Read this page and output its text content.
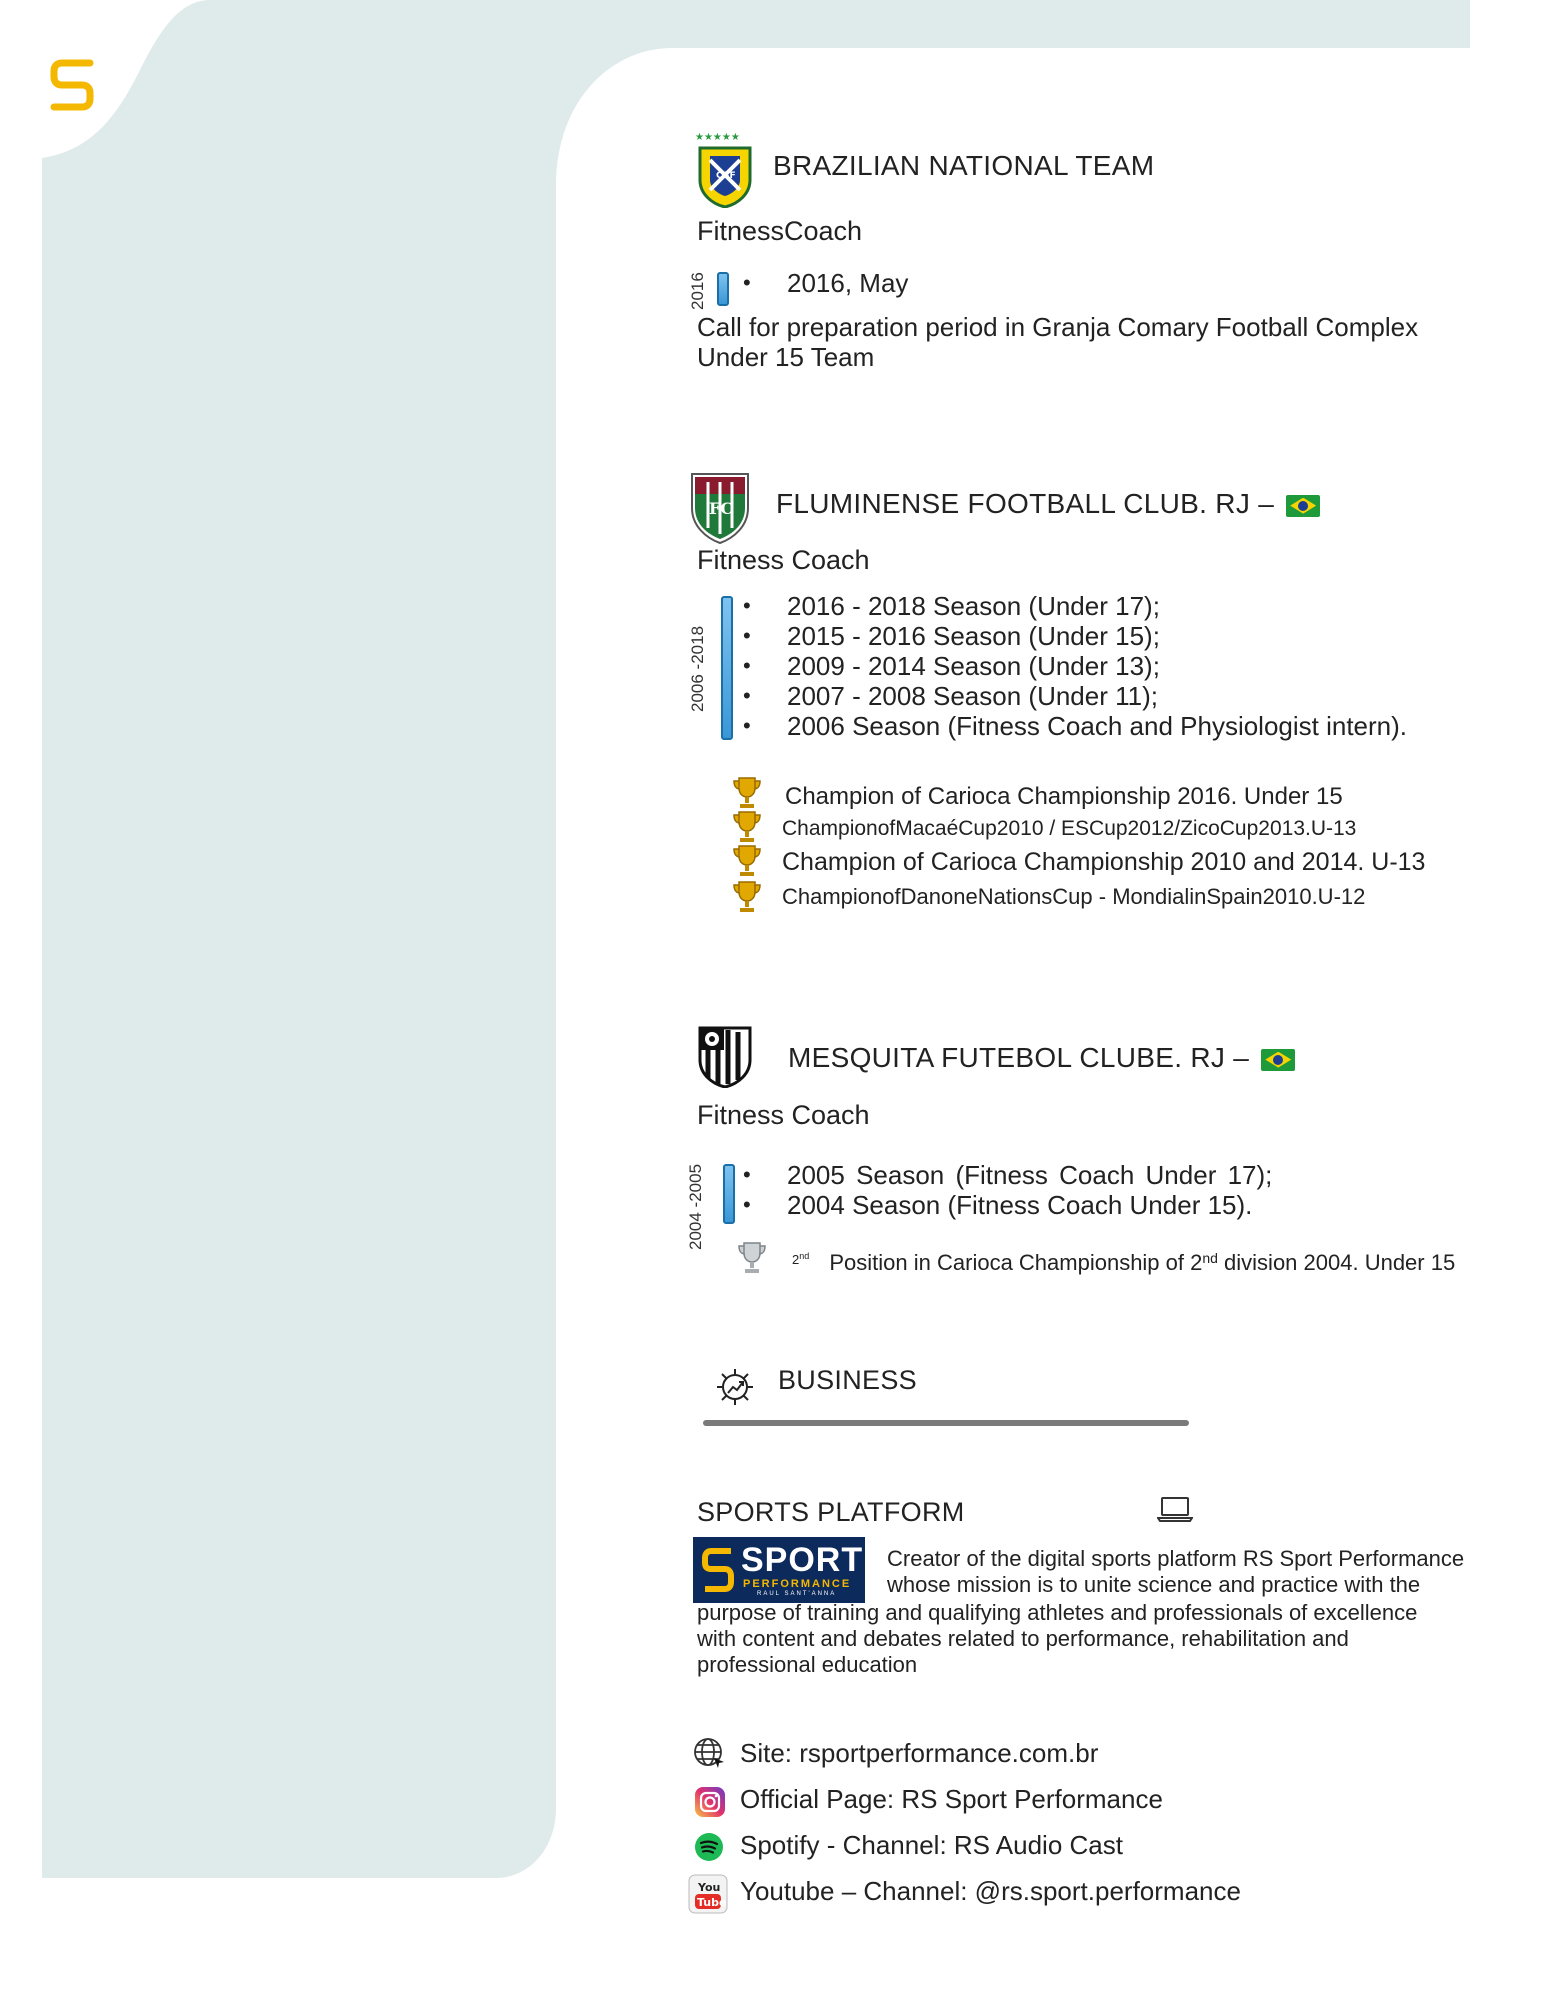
★★★★★
CBF BRAZILIAN NATIONAL TEAM
FitnessCoach
2016	• 2016, May
Call for preparation period in Granja Comary Football Complex
Under 15 Team
FC FLUMINENSE FOOTBALL CLUB. RJ –
Fitness Coach
2006 -2018
• 2016 - 2018 Season (Under 17);
• 2015 - 2016 Season (Under 15);
• 2009 - 2014 Season (Under 13);
• 2007 - 2008 Season (Under 11);
• 2006 Season (Fitness Coach and Physiologist intern).
Champion of Carioca Championship 2016. Under 15
ChampionofMacaéCup2010 / ESCup2012/ZicoCup2013.U-13
Champion of Carioca Championship 2010 and 2014. U-13
ChampionofDanoneNationsCup - MondialinSpain2010.U-12
MESQUITA FUTEBOL CLUBE. RJ –
Fitness Coach
2004 -2005	• 2005 Season (Fitness Coach Under 17);
• 2004 Season (Fitness Coach Under 15).
$^{2nd}$ Position in Carioca Championship of 2nd division 2004. Under 15
BUSINESS
SPORTS PLATFORM
SPORT
PERFORMANCE
RAUL SANT'ANNA
Creator of the digital sports platform RS Sport Performance
whose mission is to unite science and practice with the
purpose of training and qualifying athletes and professionals of excellence
with content and debates related to performance, rehabilitation and
professional education
Site: rsportperformance.com.br
Official Page: RS Sport Performance
Spotify - Channel: RS Audio Cast
You
Tube Youtube – Channel: @rs.sport.performance
